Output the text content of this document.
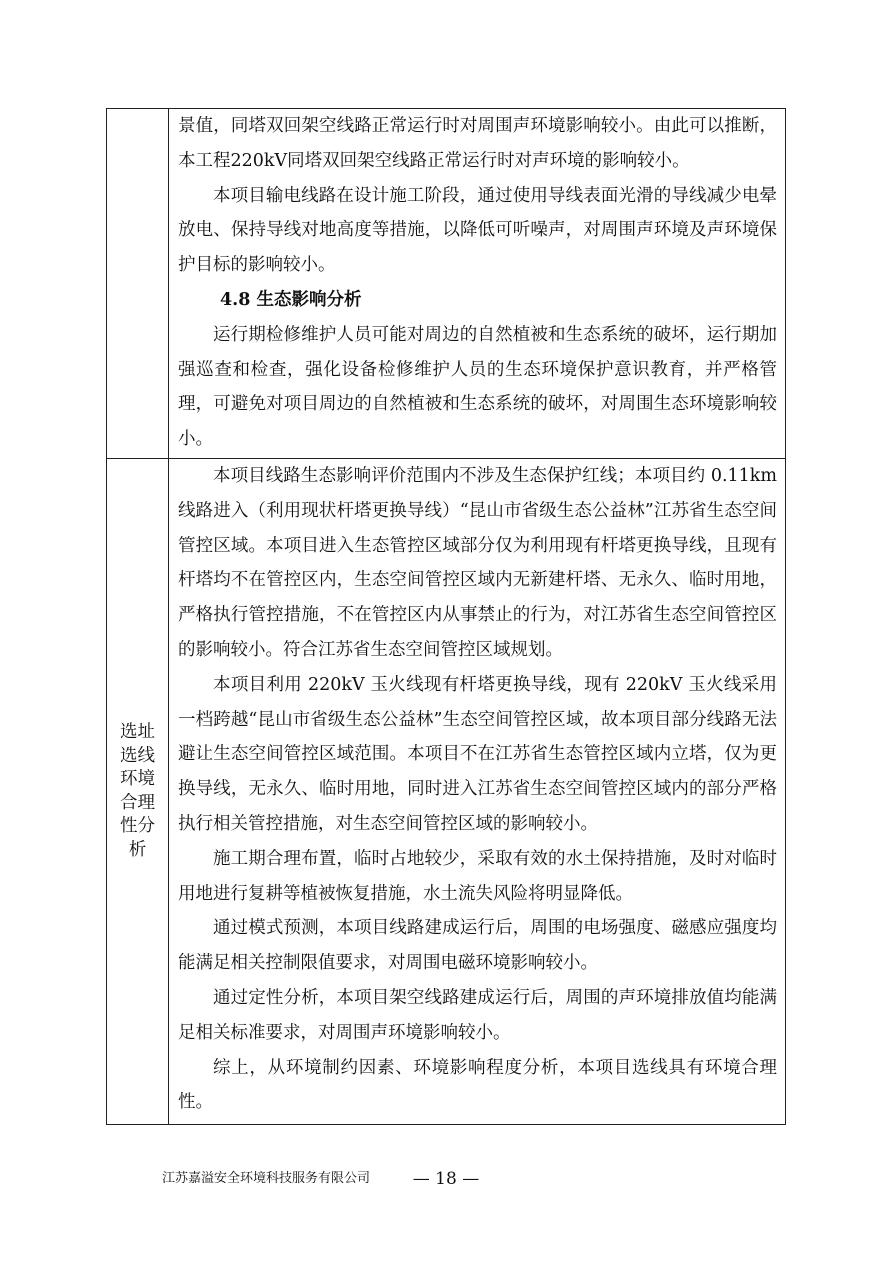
景值，同塔双回架空线路正常运行时对周围声环境影响较小。由此可以推断，本工程220kV同塔双回架空线路正常运行时对声环境的影响较小。

本项目输电线路在设计施工阶段，通过使用导线表面光滑的导线减少电晕放电、保持导线对地高度等措施，以降低可听噪声，对周围声环境及声环境保护目标的影响较小。

4.8 生态影响分析

运行期检修维护人员可能对周边的自然植被和生态系统的破坏，运行期加强巡查和检查，强化设备检修维护人员的生态环境保护意识教育，并严格管理，可避免对项目周边的自然植被和生态系统的破坏，对周围生态环境影响较小。

选址选线环境合理性分析

本项目线路生态影响评价范围内不涉及生态保护红线；本项目约 0.11km 线路进入（利用现状杆塔更换导线）“昆山市省级生态公益林”江苏省生态空间管控区域。本项目进入生态管控区域部分仅为利用现有杆塔更换导线，且现有杆塔均不在管控区内，生态空间管控区域内无新建杆塔、无永久、临时用地，严格执行管控措施，不在管控区内从事禁止的行为，对江苏省生态空间管控区的影响较小。符合江苏省生态空间管控区域规划。

本项目利用 220kV 玉火线现有杆塔更换导线，现有 220kV 玉火线采用一档跨越“昆山市省级生态公益林”生态空间管控区域，故本项目部分线路无法避让生态空间管控区域范围。本项目不在江苏省生态管控区域内立塔，仅为更换导线，无永久、临时用地，同时进入江苏省生态空间管控区域内的部分严格执行相关管控措施，对生态空间管控区域的影响较小。

施工期合理布置，临时占地较少，采取有效的水土保持措施，及时对临时用地进行复耕等植被恢复措施，水土流失风险将明显降低。

通过模式预测，本项目线路建成运行后，周围的电场强度、磁感应强度均能满足相关控制限值要求，对周围电磁环境影响较小。

通过定性分析，本项目架空线路建成运行后，周围的声环境排放值均能满足相关标准要求，对周围声环境影响较小。

综上，从环境制约因素、环境影响程度分析，本项目选线具有环境合理性。

江苏嘉溢安全环境科技服务有限公司	— 18 —
